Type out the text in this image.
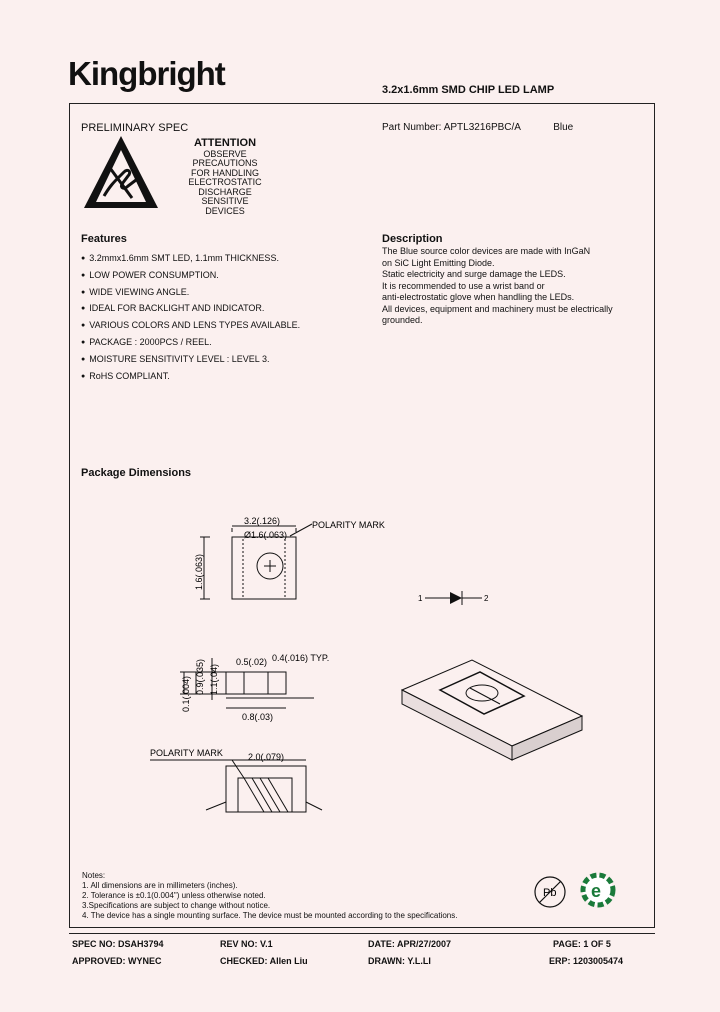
Kingbright	3.2x1.6mm SMD CHIP LED LAMP
PRELIMINARY SPEC
ATTENTION
OBSERVE PRECAUTIONS
FOR HANDLING
ELECTROSTATIC
DISCHARGE
SENSITIVE
DEVICES
Part Number: APTL3216PBC/A	Blue
Features
● 3.2mmx1.6mm SMT LED, 1.1mm THICKNESS.
● LOW POWER CONSUMPTION.
● WIDE VIEWING ANGLE.
● IDEAL FOR BACKLIGHT AND INDICATOR.
● VARIOUS COLORS AND LENS TYPES AVAILABLE.
● PACKAGE : 2000PCS / REEL.
● MOISTURE SENSITIVITY LEVEL : LEVEL 3.
● RoHS COMPLIANT.
Description
The Blue source color devices are made with InGaN
on SiC Light Emitting Diode.
Static electricity and surge damage the LEDS.
It is recommended to use a wrist band or
anti-electrostatic glove when handling the LEDs.
All devices, equipment and machinery must be electrically
grounded.
Package Dimensions
3.2(.126)
Ø1.6(.063)
POLARITY MARK
1.6(.063)
1	2
0.5(.02) 0.4(.016) TYP.
0.8(.03)
1.1(.04)
0.9(.035)
0.1(.004)
POLARITY MARK	2.0(.079)
Notes:
1. All dimensions are in millimeters (inches).
2. Tolerance is ±0.1(0.004") unless otherwise noted.
3.Specifications are subject to change without notice.
4. The device has a single mounting surface. The device must be mounted according to the specifications.
Pb e
SPEC NO: DSAH3794	REV NO: V.1	DATE: APR/27/2007	PAGE: 1 OF 5
APPROVED: WYNEC	CHECKED: Allen Liu	DRAWN: Y.L.LI	ERP: 1203005474
